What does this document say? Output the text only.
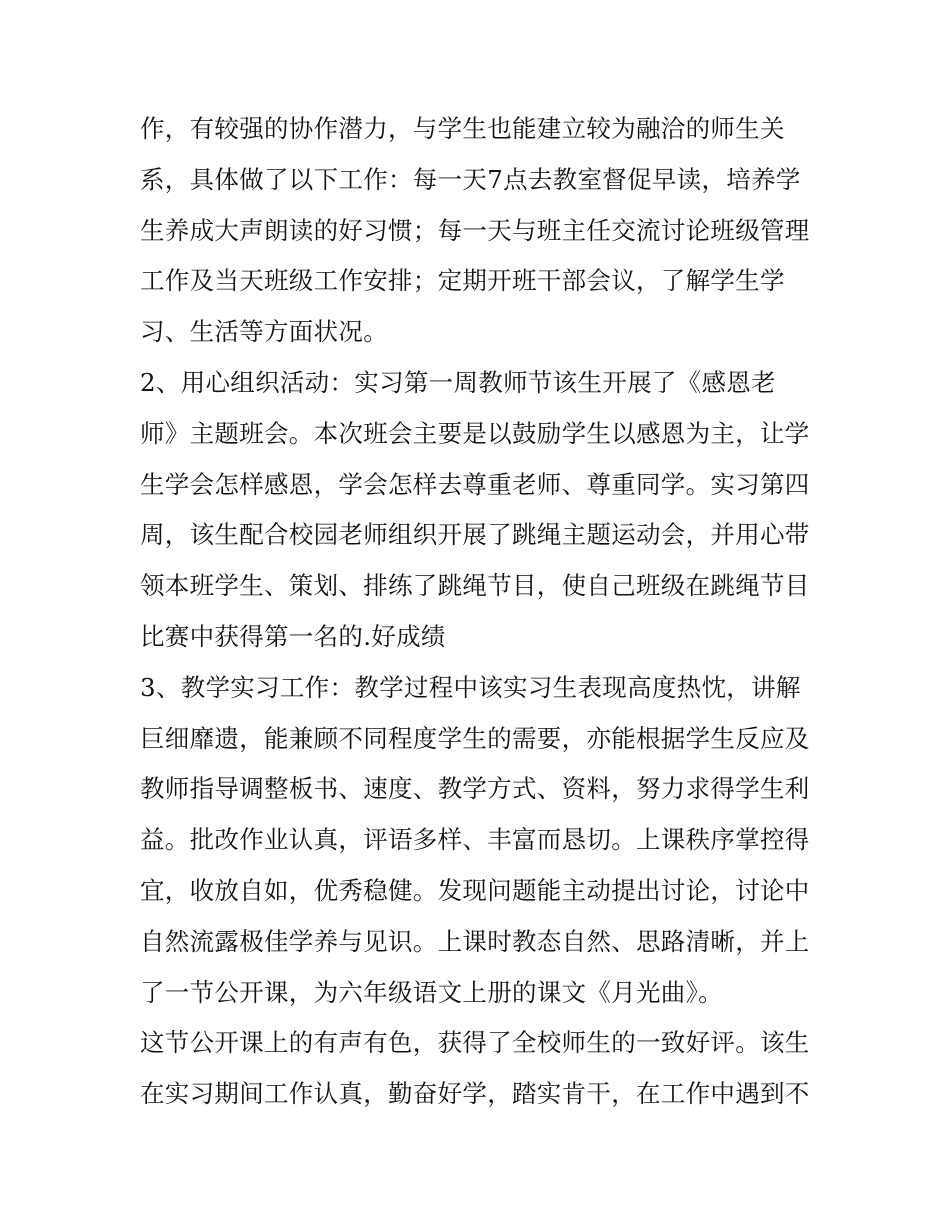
作，有较强的协作潜力，与学生也能建立较为融洽的师生关
系，具体做了以下工作：每一天7点去教室督促早读，培养学
生养成大声朗读的好习惯；每一天与班主任交流讨论班级管理
工作及当天班级工作安排；定期开班干部会议，了解学生学
习、生活等方面状况。
2、用心组织活动：实习第一周教师节该生开展了《感恩老
师》主题班会。本次班会主要是以鼓励学生以感恩为主，让学
生学会怎样感恩，学会怎样去尊重老师、尊重同学。实习第四
周，该生配合校园老师组织开展了跳绳主题运动会，并用心带
领本班学生、策划、排练了跳绳节目，使自己班级在跳绳节目
比赛中获得第一名的.好成绩
3、教学实习工作：教学过程中该实习生表现高度热忱，讲解
巨细靡遗，能兼顾不同程度学生的需要，亦能根据学生反应及
教师指导调整板书、速度、教学方式、资料，努力求得学生利
益。批改作业认真，评语多样、丰富而恳切。上课秩序掌控得
宜，收放自如，优秀稳健。发现问题能主动提出讨论，讨论中
自然流露极佳学养与见识。上课时教态自然、思路清晰，并上
了一节公开课，为六年级语文上册的课文《月光曲》。
这节公开课上的有声有色，获得了全校师生的一致好评。该生
在实习期间工作认真，勤奋好学，踏实肯干，在工作中遇到不
